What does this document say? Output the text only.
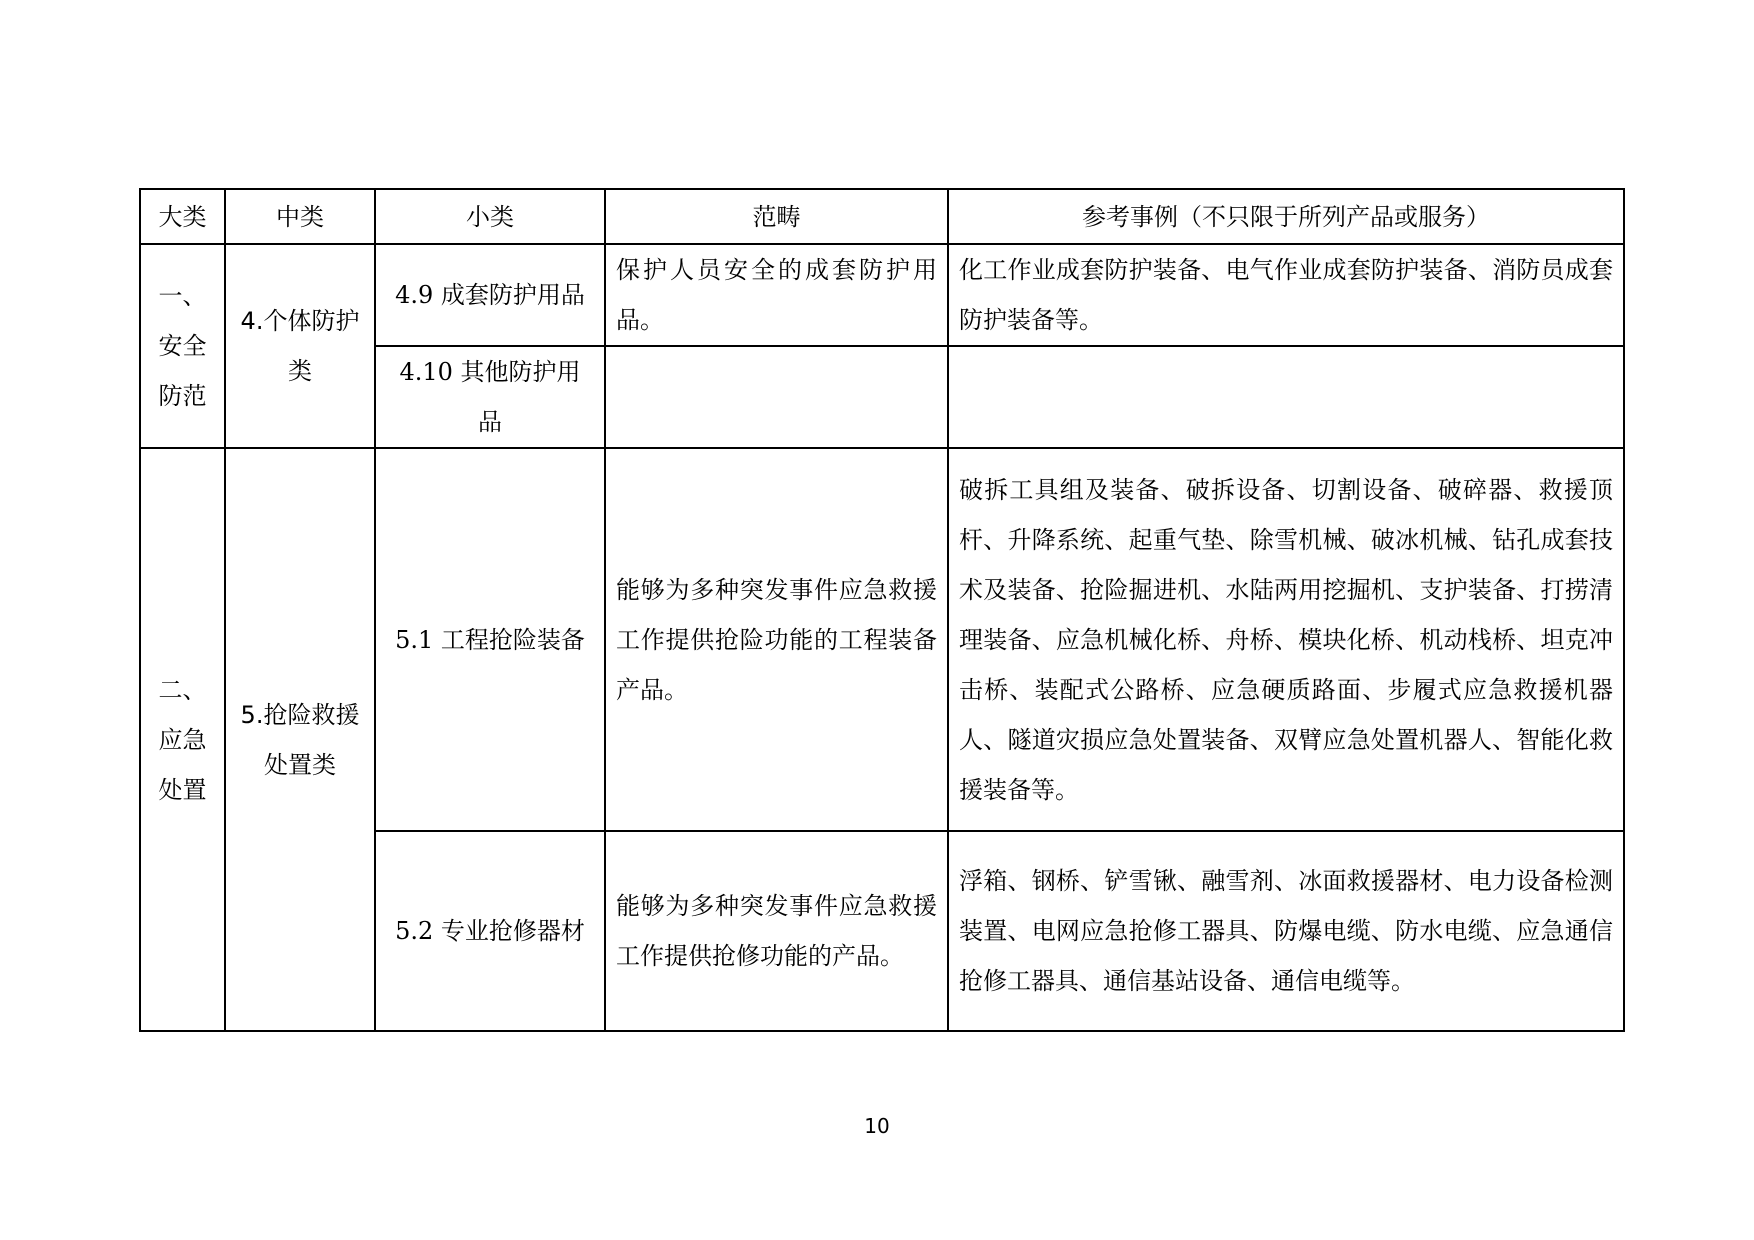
大类	中类	小类	范畴	参考事例（不只限于所列产品或服务）
一、安全防范	4.个体防护类	4.9 成套防护用品	保护人员安全的成套防护用品。	化工作业成套防护装备、电气作业成套防护装备、消防员成套防护装备等。
		4.10 其他防护用品		
二、应急处置	5.抢险救援处置类	5.1 工程抢险装备	能够为多种突发事件应急救援工作提供抢险功能的工程装备产品。	破拆工具组及装备、破拆设备、切割设备、破碎器、救援顶杆、升降系统、起重气垫、除雪机械、破冰机械、钻孔成套技术及装备、抢险掘进机、水陆两用挖掘机、支护装备、打捞清理装备、应急机械化桥、舟桥、模块化桥、机动栈桥、坦克冲击桥、装配式公路桥、应急硬质路面、步履式应急救援机器人、隧道灾损应急处置装备、双臂应急处置机器人、智能化救援装备等。
		5.2 专业抢修器材	能够为多种突发事件应急救援工作提供抢修功能的产品。	浮箱、钢桥、铲雪锹、融雪剂、冰面救援器材、电力设备检测装置、电网应急抢修工器具、防爆电缆、防水电缆、应急通信抢修工器具、通信基站设备、通信电缆等。
10
